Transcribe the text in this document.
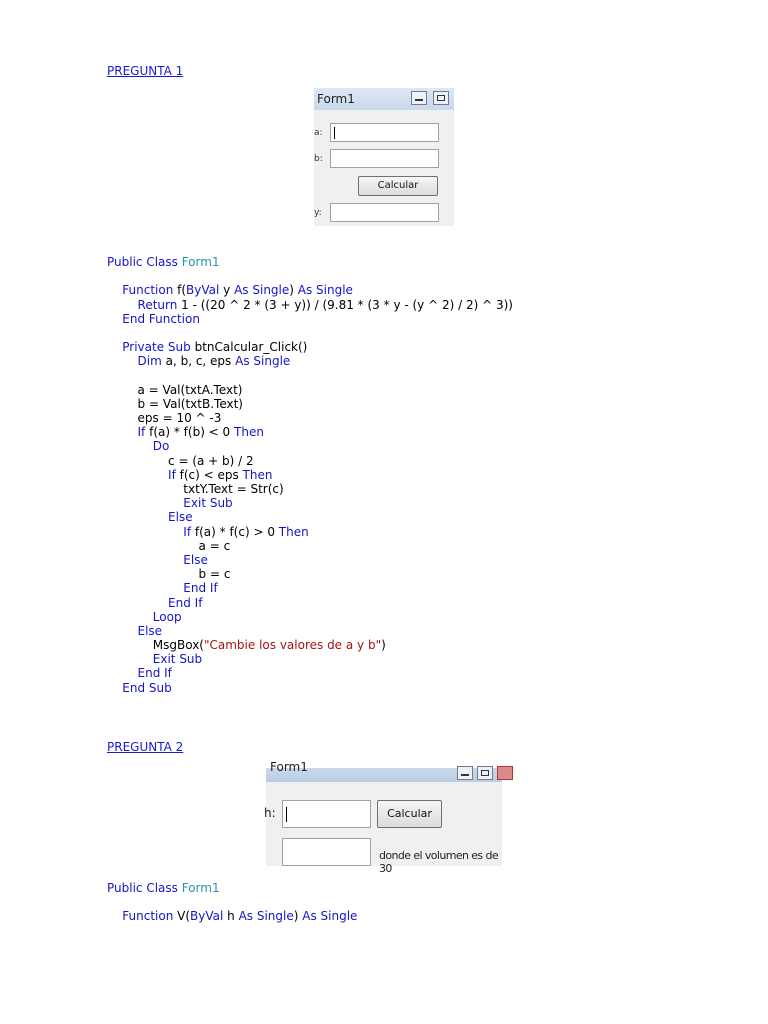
PREGUNTA 1
Form1
a:
b:
Calcular
y:
Public Class Form1

Function f(ByVal y As Single) As Single
Return 1 - ((20 ^ 2 * (3 + y)) / (9.81 * (3 * y - (y ^ 2) / 2) ^ 3))
End Function

Private Sub btnCalcular_Click()
Dim a, b, c, eps As Single

a = Val(txtA.Text)
b = Val(txtB.Text)
eps = 10 ^ -3
If f(a) * f(b) < 0 Then
Do
c = (a + b) / 2
If f(c) < eps Then
txtY.Text = Str(c)
Exit Sub
Else
If f(a) * f(c) > 0 Then
a = c
Else
b = c
End If
End If
Loop
Else
MsgBox("Cambie los valores de a y b")
Exit Sub
End If
End Sub
PREGUNTA 2
Form1
h:	Calcular
donde el volumen es de 30
Public Class Form1

Function V(ByVal h As Single) As Single
